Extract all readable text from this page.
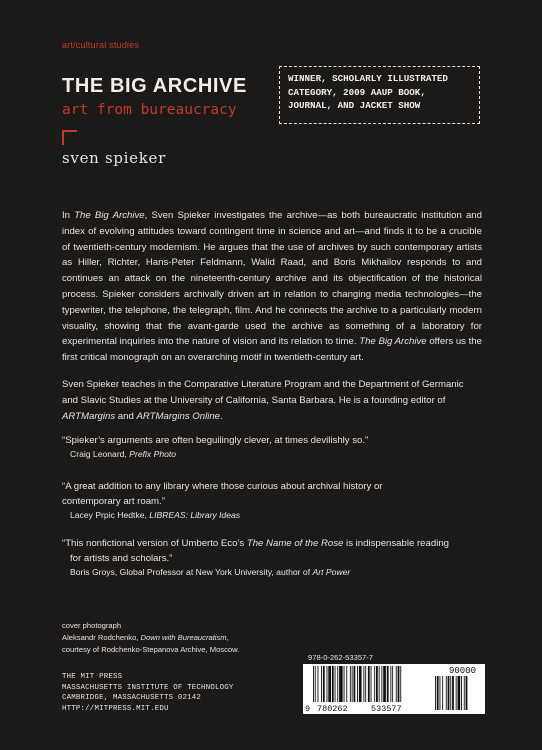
art/cultural studies
THE BIG ARCHIVE
art from bureaucracy
sven spieker
WINNER, SCHOLARLY ILLUSTRATED
CATEGORY, 2009 AAUP BOOK,
JOURNAL, AND JACKET SHOW
In The Big Archive, Sven Spieker investigates the archive—as both bureaucratic institution and index of evolving attitudes toward contingent time in science and art—and finds it to be a crucible of twentieth-century modernism. He argues that the use of archives by such contemporary artists as Hiller, Richter, Hans-Peter Feldmann, Walid Raad, and Boris Mikhailov responds to and continues an attack on the nineteenth-century archive and its objectification of the historical process. Spieker considers archivally driven art in relation to changing media technologies—the typewriter, the telephone, the telegraph, film. And he connects the archive to a particularly modern visuality, showing that the avant-garde used the archive as something of a laboratory for experimental inquiries into the nature of vision and its relation to time. The Big Archive offers us the first critical monograph on an overarching motif in twentieth-century art.
Sven Spieker teaches in the Comparative Literature Program and the Department of Germanic and Slavic Studies at the University of California, Santa Barbara. He is a founding editor of ARTMargins and ARTMargins Online.
“Spieker’s arguments are often beguilingly clever, at times devilishly so.”
Craig Leonard, Prefix Photo
“A great addition to any library where those curious about archival history or
contemporary art roam.”
Lacey Prpic Hedtke, LIBREAS: Library Ideas
“This nonfictional version of Umberto Eco’s The Name of the Rose is indispensable reading
for artists and scholars.”
Boris Groys, Global Professor at New York University, author of Art Power
cover photograph
Aleksandr Rodchenko, Down with Bureaucratism,
courtesy of Rodchenko-Stepanova Archive, Moscow.
THE MIT PRESS
MASSACHUSETTS INSTITUTE OF TECHNOLOGY
CAMBRIDGE, MASSACHUSETTS 02142
HTTP://MITPRESS.MIT.EDU
978-0-262-53357-7
90000
9 780262	533577
